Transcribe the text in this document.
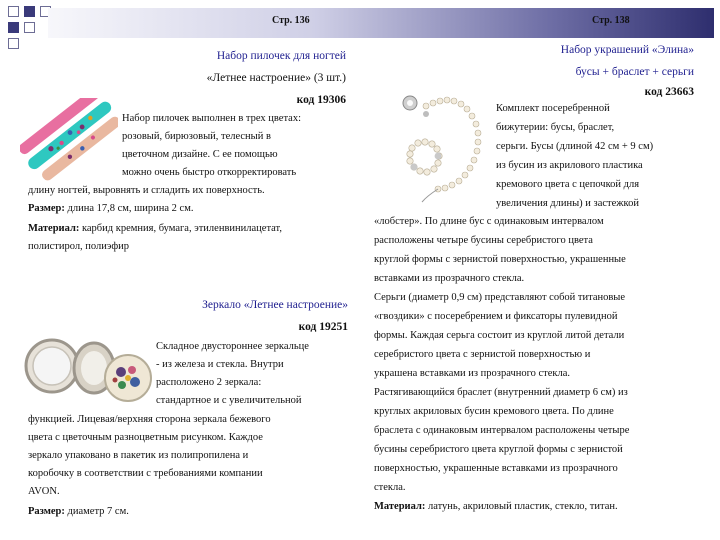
Стр. 136	Стр. 138
Набор пилочек для ногтей
«Летнее настроение» (3 шт.)
код 19306
Набор пилочек выполнен в трех цветах:
розовый, бирюзовый, телесный в
цветочном дизайне. С ее помощью
можно очень быстро откорректировать
длину ногтей, выровнять и сгладить их поверхность.
Размер: длина 17,8 см, ширина 2 см.
Материал: карбид кремния, бумага, этиленвинилацетат,
полистирол, полиэфир
Зеркало «Летнее настроение»
код 19251
Складное двустороннее зеркальце
- из железа и стекла. Внутри
расположено 2 зеркала:
стандартное и с увеличительной
функцией. Лицевая/верхняя сторона зеркала бежевого
цвета с цветочным разноцветным рисунком. Каждое
зеркало упаковано в пакетик из полипропилена и
коробочку в соответствии с требованиями компании
AVON.
Размер: диаметр 7 см.
Набор украшений «Элина»
бусы + браслет + серьги
код 23663
Комплект посеребренной
бижутерии: бусы, браслет,
серьги. Бусы (длиной 42 см + 9 см)
из бусин из акрилового пластика
кремового цвета с цепочкой для
увеличения длины) и застежкой
«лобстер». По длине бус с одинаковым интервалом
расположены четыре бусины серебристого цвета
круглой формы с зернистой поверхностью, украшенные
вставками из прозрачного стекла.
Серьги (диаметр 0,9 см) представляют собой титановые
«гвоздики» с посеребрением и фиксаторы пулевидной
формы. Каждая серьга состоит из круглой литой детали
серебристого цвета с зернистой поверхностью и
украшена вставками из прозрачного стекла.
Растягивающийся браслет (внутренний диаметр 6 см) из
круглых акриловых бусин кремового цвета. По длине
браслета с одинаковым интервалом расположены четыре
бусины серебристого цвета круглой формы с зернистой
поверхностью, украшенные вставками из прозрачного
стекла.
Материал: латунь, акриловый пластик, стекло, титан.
